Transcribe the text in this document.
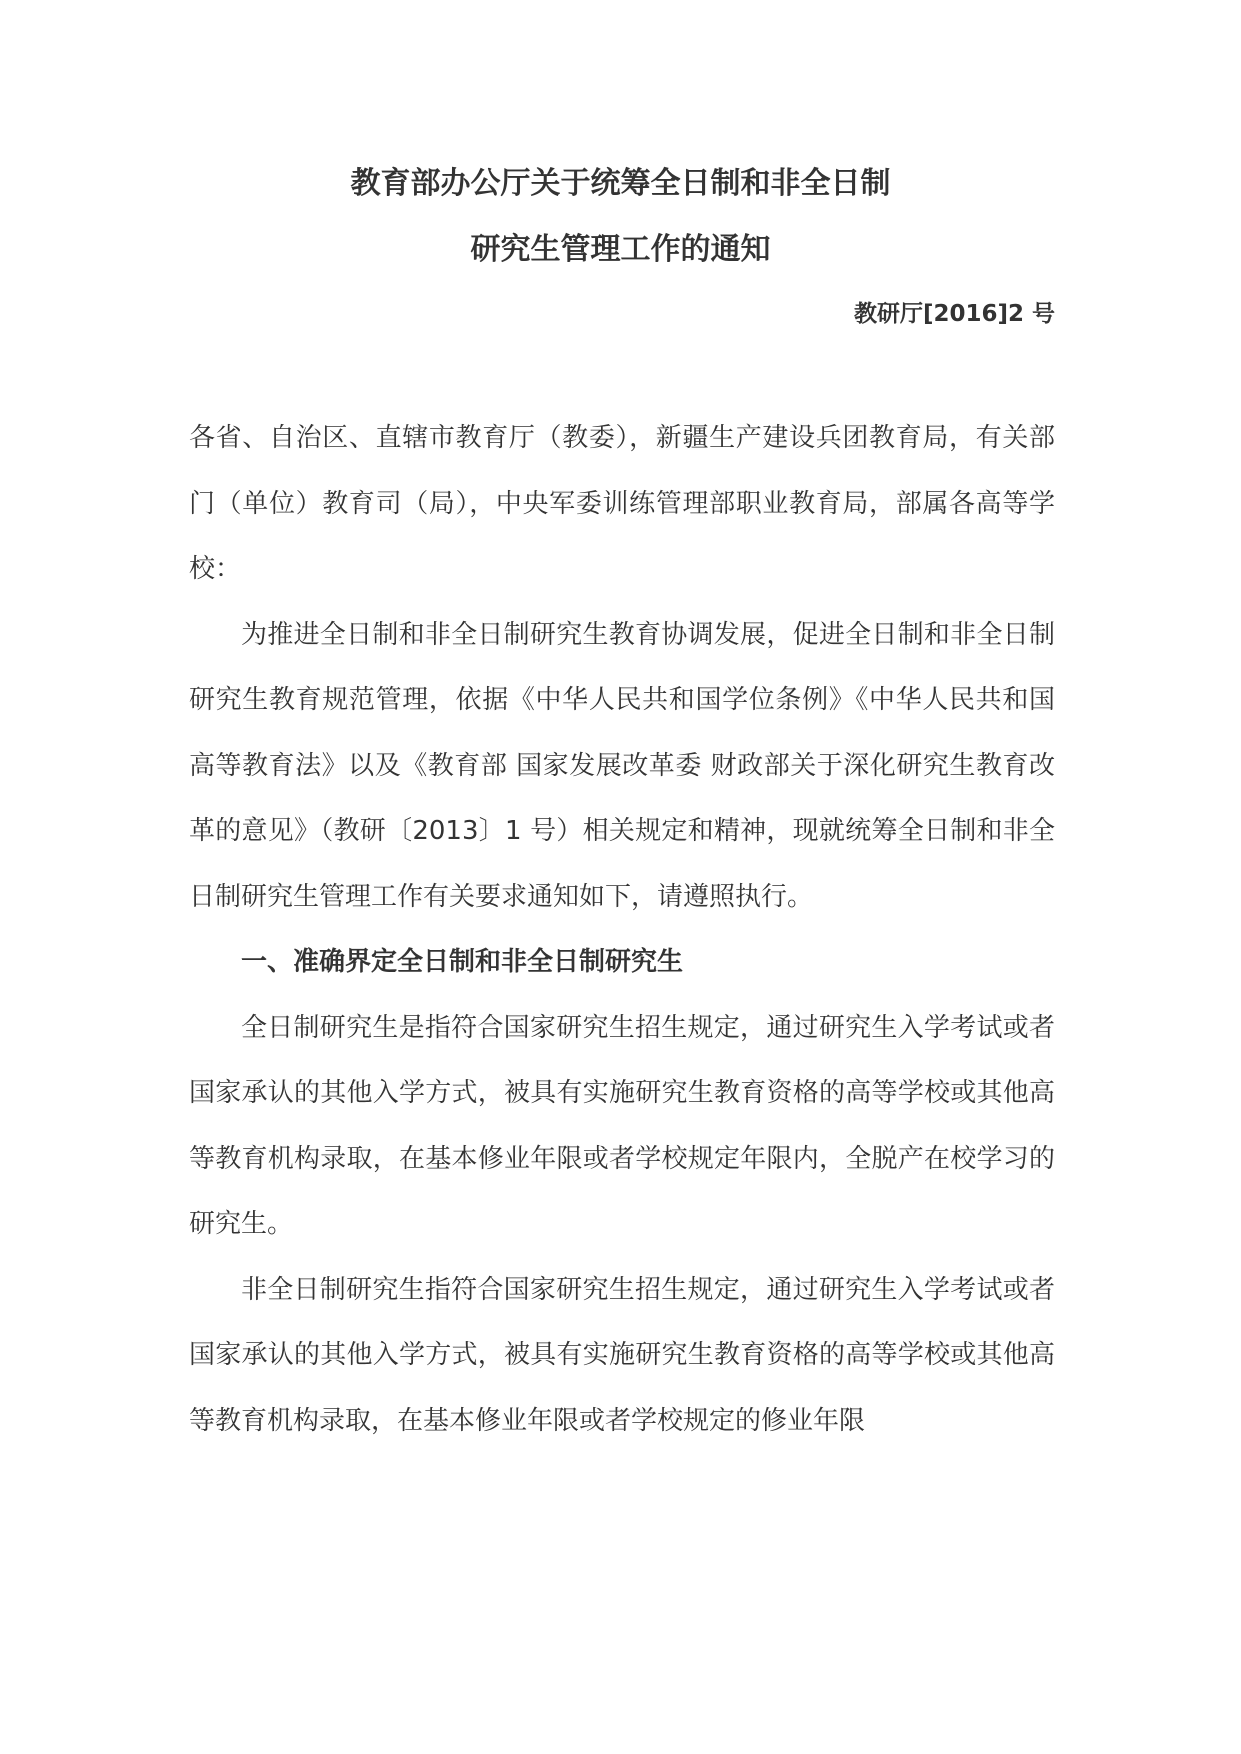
教育部办公厅关于统筹全日制和非全日制
研究生管理工作的通知
教研厅[2016]2 号

各省、自治区、直辖市教育厅（教委），新疆生产建设兵团教育局，有关部门（单位）教育司（局），中央军委训练管理部职业教育局，部属各高等学校：

为推进全日制和非全日制研究生教育协调发展，促进全日制和非全日制研究生教育规范管理，依据《中华人民共和国学位条例》《中华人民共和国高等教育法》以及《教育部 国家发展改革委 财政部关于深化研究生教育改革的意见》（教研〔2013〕1 号）相关规定和精神，现就统筹全日制和非全日制研究生管理工作有关要求通知如下，请遵照执行。

一、准确界定全日制和非全日制研究生

全日制研究生是指符合国家研究生招生规定，通过研究生入学考试或者国家承认的其他入学方式，被具有实施研究生教育资格的高等学校或其他高等教育机构录取，在基本修业年限或者学校规定年限内，全脱产在校学习的研究生。

非全日制研究生指符合国家研究生招生规定，通过研究生入学考试或者国家承认的其他入学方式，被具有实施研究生教育资格的高等学校或其他高等教育机构录取，在基本修业年限或者学校规定的修业年限
